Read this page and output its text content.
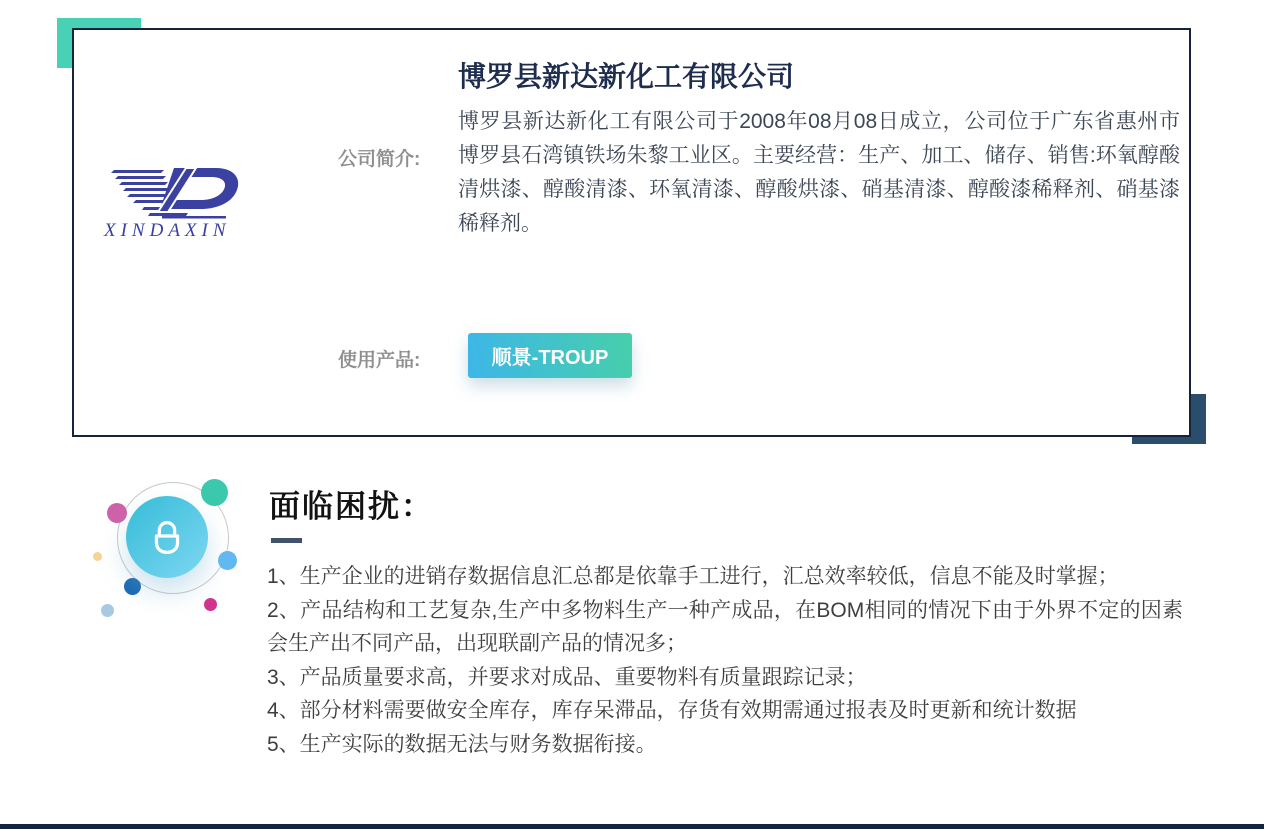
XINDAXIN
博罗县新达新化工有限公司
公司简介:
博罗县新达新化工有限公司于2008年08月08日成立，公司位于广东省惠州市博罗县石湾镇铁场朱黎工业区。主要经营：生产、加工、储存、销售:环氧醇酸清烘漆、醇酸清漆、环氧清漆、醇酸烘漆、硝基清漆、醇酸漆稀释剂、硝基漆稀释剂。
使用产品:	顺景-TROUP
面临困扰：

1、生产企业的进销存数据信息汇总都是依靠手工进行，汇总效率较低，信息不能及时掌握；

2、产品结构和工艺复杂,生产中多物料生产一种产成品，在BOM相同的情况下由于外界不定的因素会生产出不同产品，出现联副产品的情况多；

3、产品质量要求高，并要求对成品、重要物料有质量跟踪记录；

4、部分材料需要做安全库存，库存呆滞品，存货有效期需通过报表及时更新和统计数据

5、生产实际的数据无法与财务数据衔接。
